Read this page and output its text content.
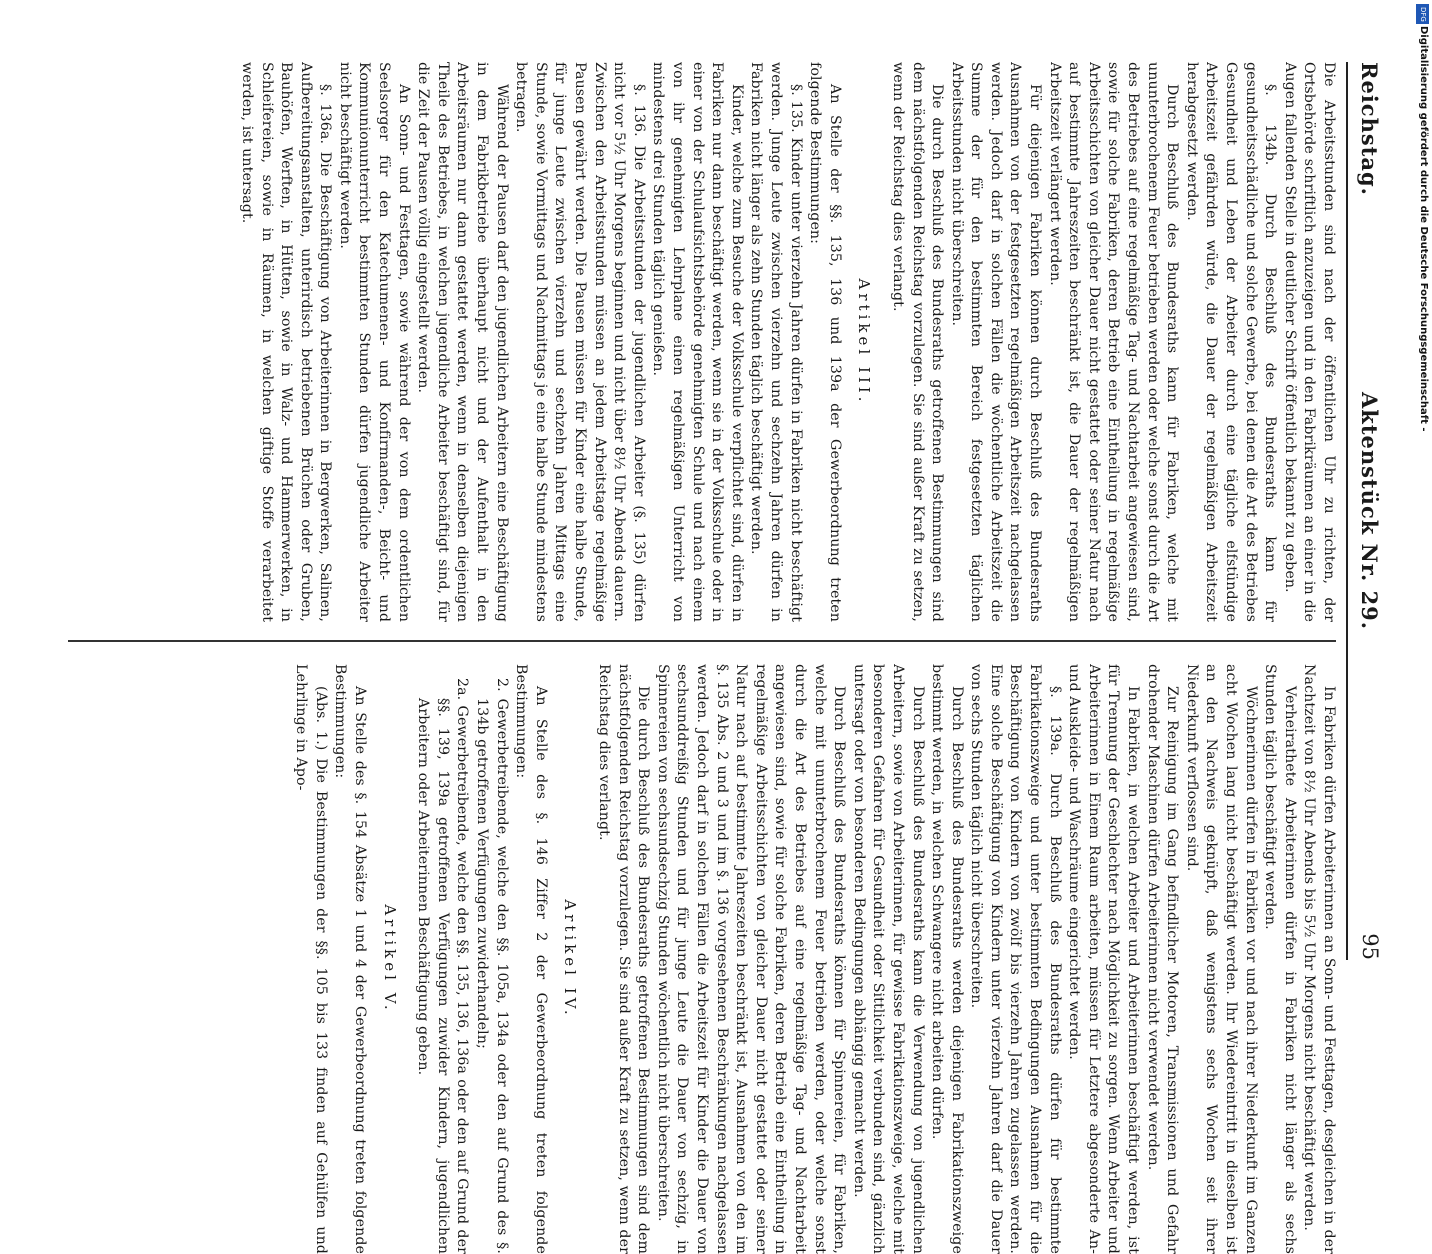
Reichstag.
Aktenstück Nr. 29.
95

Die Arbeitsstunden sind nach der öffentlichen Uhr zu richten, der Ortsbehörde schriftlich anzuzeigen und in den Fabrikräumen an einer in die Augen fallenden Stelle in deutlicher Schrift öffentlich bekannt zu geben.

§. 134b. Durch Beschluß des Bundesraths kann für gesundheitsschädliche und solche Gewerbe, bei denen die Art des Betriebes Gesundheit und Leben der Arbeiter durch eine tägliche elfstündige Arbeitszeit gefährden würde, die Dauer der regelmäßigen Arbeitszeit herabgesetzt werden.

Durch Beschluß des Bundesraths kann für Fabriken, welche mit ununterbrochenem Feuer betrieben werden oder welche sonst durch die Art des Betriebes auf eine regelmäßige Tag- und Nachtarbeit angewiesen sind, sowie für solche Fabriken, deren Betrieb eine Eintheilung in regelmäßige Arbeitsschichten von gleicher Dauer nicht gestattet oder seiner Natur nach auf bestimmte Jahreszeiten beschränkt ist, die Dauer der regelmäßigen Arbeitszeit verlängert werden.

Für diejenigen Fabriken können durch Beschluß des Bundesraths Ausnahmen von der festgesetzten regelmäßigen Arbeitszeit nachgelassen werden. Jedoch darf in solchen Fällen die wöchentliche Arbeitszeit die Summe der für den bestimmten Bereich festgesetzten täglichen Arbeitsstunden nicht überschreiten.

Die durch Beschluß des Bundesraths getroffenen Bestimmungen sind dem nächstfolgenden Reichstag vorzulegen. Sie sind außer Kraft zu setzen, wenn der Reichstag dies verlangt.

Artikel III.

An Stelle der §§. 135, 136 und 139a der Gewerbeordnung treten folgende Bestimmungen:

§. 135. Kinder unter vierzehn Jahren dürfen in Fabriken nicht beschäftigt werden. Junge Leute zwischen vierzehn und sechzehn Jahren dürfen in Fabriken nicht länger als zehn Stunden täglich beschäftigt werden.

Kinder, welche zum Besuche der Volksschule verpflichtet sind, dürfen in Fabriken nur dann beschäftigt werden, wenn sie in der Volksschule oder in einer von der Schulaufsichtsbehörde genehmigten Schule und nach einem von ihr genehmigten Lehrplane einen regelmäßigen Unterricht von mindestens drei Stunden täglich genießen.

§. 136. Die Arbeitsstunden der jugendlichen Arbeiter (§. 135) dürfen nicht vor 5½ Uhr Morgens beginnen und nicht über 8½ Uhr Abends dauern. Zwischen den Arbeitsstunden müssen an jedem Arbeitstage regelmäßige Pausen gewährt werden. Die Pausen müssen für Kinder eine halbe Stunde, für junge Leute zwischen vierzehn und sechzehn Jahren Mittags eine Stunde, sowie Vormittags und Nachmittags je eine halbe Stunde mindestens betragen.

Während der Pausen darf den jugendlichen Arbeitern eine Beschäftigung in dem Fabrikbetriebe überhaupt nicht und der Aufenthalt in den Arbeitsräumen nur dann gestattet werden, wenn in denselben diejenigen Theile des Betriebes, in welchen jugendliche Arbeiter beschäftigt sind, für die Zeit der Pausen völlig eingestellt werden.

An Sonn- und Festtagen, sowie während der von dem ordentlichen Seelsorger für den Katechumenen- und Konfirmanden-, Beicht- und Kommunionunterricht bestimmten Stunden dürfen jugendliche Arbeiter nicht beschäftigt werden.

§. 136a. Die Beschäftigung von Arbeiterinnen in Bergwerken, Salinen, Aufbereitungsanstalten, unterirdisch betriebenen Brüchen oder Gruben, Bauhöfen, Werften, in Hütten, sowie in Walz- und Hammerwerken, in Schleifereien, sowie in Räumen, in welchen giftige Stoffe verarbeitet werden, ist untersagt.

In Fabriken dürfen Arbeiterinnen an Sonn- und Festtagen, desgleichen in der Nachtzeit von 8½ Uhr Abends bis 5½ Uhr Morgens nicht beschäftigt werden.

Verheirathete Arbeiterinnen dürfen in Fabriken nicht länger als sechs Stunden täglich beschäftigt werden.

Wöchnerinnen dürfen in Fabriken vor und nach ihrer Niederkunft im Ganzen acht Wochen lang nicht beschäftigt werden. Ihr Wiedereintritt in dieselben ist an den Nachweis geknüpft, daß wenigstens sechs Wochen seit ihrer Niederkunft verflossen sind.

Zur Reinigung im Gang befindlicher Motoren, Transmissionen und Gefahr drohender Maschinen dürfen Arbeiterinnen nicht verwendet werden.

In Fabriken, in welchen Arbeiter und Arbeiterinnen beschäftigt werden, ist für Trennung der Geschlechter nach Möglichkeit zu sorgen. Wenn Arbeiter und Arbeiterinnen in Einem Raum arbeiten, müssen für Letztere abgesonderte An- und Auskleide- und Waschräume eingerichtet werden.

§. 139a. Durch Beschluß des Bundesraths dürfen für bestimmte Fabrikationszweige und unter bestimmten Bedingungen Ausnahmen für die Beschäftigung von Kindern von zwölf bis vierzehn Jahren zugelassen werden. Eine solche Beschäftigung von Kindern unter vierzehn Jahren darf die Dauer von sechs Stunden täglich nicht überschreiten.

Durch Beschluß des Bundesraths werden diejenigen Fabrikationszweige bestimmt werden, in welchen Schwangere nicht arbeiten dürfen.

Durch Beschluß des Bundesraths kann die Verwendung von jugendlichen Arbeitern, sowie von Arbeiterinnen, für gewisse Fabrikationszweige, welche mit besonderen Gefahren für Gesundheit oder Sittlichkeit verbunden sind, gänzlich untersagt oder von besonderen Bedingungen abhängig gemacht werden.

Durch Beschluß des Bundesraths können für Spinnereien, für Fabriken, welche mit ununterbrochenem Feuer betrieben werden, oder welche sonst durch die Art des Betriebes auf eine regelmäßige Tag- und Nachtarbeit angewiesen sind, sowie für solche Fabriken, deren Betrieb eine Eintheilung in regelmäßige Arbeitsschichten von gleicher Dauer nicht gestattet oder seiner Natur nach auf bestimmte Jahreszeiten beschränkt ist, Ausnahmen von den im §. 135 Abs. 2 und 3 und im §. 136 vorgesehenen Beschränkungen nachgelassen werden. Jedoch darf in solchen Fällen die Arbeitszeit für Kinder die Dauer von sechsunddreißig Stunden und für junge Leute die Dauer von sechzig, in Spinnereien von sechsundsechzig Stunden wöchentlich nicht überschreiten.

Die durch Beschluß des Bundesraths getroffenen Bestimmungen sind dem nächstfolgenden Reichstag vorzulegen. Sie sind außer Kraft zu setzen, wenn der Reichstag dies verlangt.

Artikel IV.

An Stelle des §. 146 Ziffer 2 der Gewerbeordnung treten folgende Bestimmungen:

2. Gewerbetreibende, welche den §§. 105a, 134a oder den auf Grund des §. 134b getroffenen Verfügungen zuwiderhandeln;

2a. Gewerbetreibende, welche den §§. 135, 136, 136a oder den auf Grund der §§. 139, 139a getroffenen Verfügungen zuwider Kindern, jugendlichen Arbeitern oder Arbeiterinnen Beschäftigung geben.

Artikel V.

An Stelle des §. 154 Absätze 1 und 4 der Gewerbeordnung treten folgende Bestimmungen:

(Abs. 1.) Die Bestimmungen der §§. 105 bis 133 finden auf Gehülfen und Lehrlinge in Apo-

DFG
Digitalisierung gefördert durch die Deutsche Forschungsgemeinschaft -
